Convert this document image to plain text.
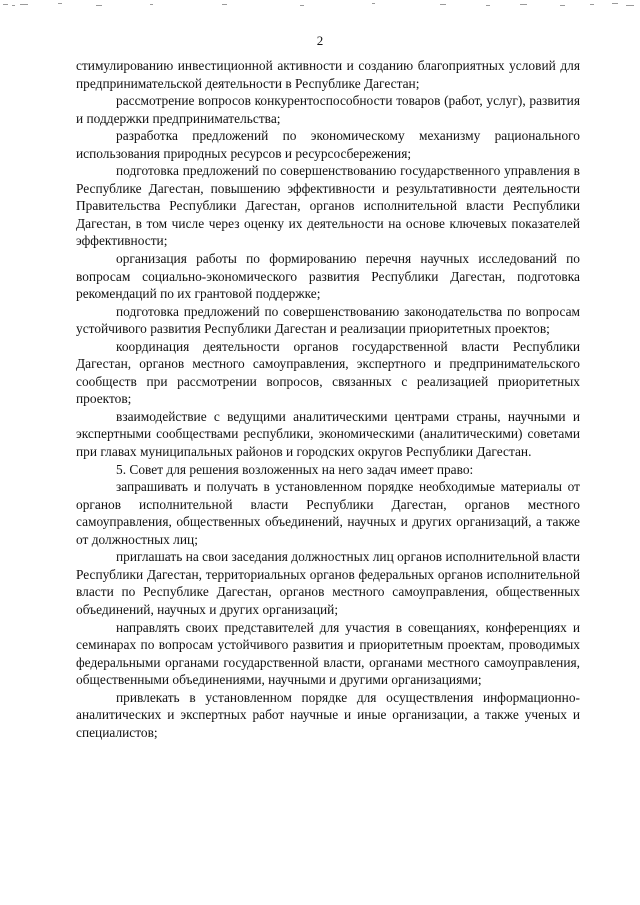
2

стимулированию инвестиционной активности и созданию благоприятных условий для предпринимательской деятельности в Республике Дагестан;

рассмотрение вопросов конкурентоспособности товаров (работ, услуг), развития и поддержки предпринимательства;

разработка предложений по экономическому механизму рационального использования природных ресурсов и ресурсосбережения;

подготовка предложений по совершенствованию государственного управления в Республике Дагестан, повышению эффективности и результативности деятельности Правительства Республики Дагестан, органов исполнительной власти Республики Дагестан, в том числе через оценку их деятельности на основе ключевых показателей эффективности;

организация работы по формированию перечня научных исследований по вопросам социально-экономического развития Республики Дагестан, подготовка рекомендаций по их грантовой поддержке;

подготовка предложений по совершенствованию законодательства по вопросам устойчивого развития Республики Дагестан и реализации приоритетных проектов;

координация деятельности органов государственной власти Республики Дагестан, органов местного самоуправления, экспертного и предпринимательского сообществ при рассмотрении вопросов, связанных с реализацией приоритетных проектов;

взаимодействие с ведущими аналитическими центрами страны, научными и экспертными сообществами республики, экономическими (аналитическими) советами при главах муниципальных районов и городских округов Республики Дагестан.

5. Совет для решения возложенных на него задач имеет право:

запрашивать и получать в установленном порядке необходимые материалы от органов исполнительной власти Республики Дагестан, органов местного самоуправления, общественных объединений, научных и других организаций, а также от должностных лиц;

приглашать на свои заседания должностных лиц органов исполнительной власти Республики Дагестан, территориальных органов федеральных органов исполнительной власти по Республике Дагестан, органов местного самоуправления, общественных объединений, научных и других организаций;

направлять своих представителей для участия в совещаниях, конференциях и семинарах по вопросам устойчивого развития и приоритетным проектам, проводимых федеральными органами государственной власти, органами местного самоуправления, общественными объединениями, научными и другими организациями;

привлекать в установленном порядке для осуществления информационно-аналитических и экспертных работ научные и иные организации, а также ученых и специалистов;
